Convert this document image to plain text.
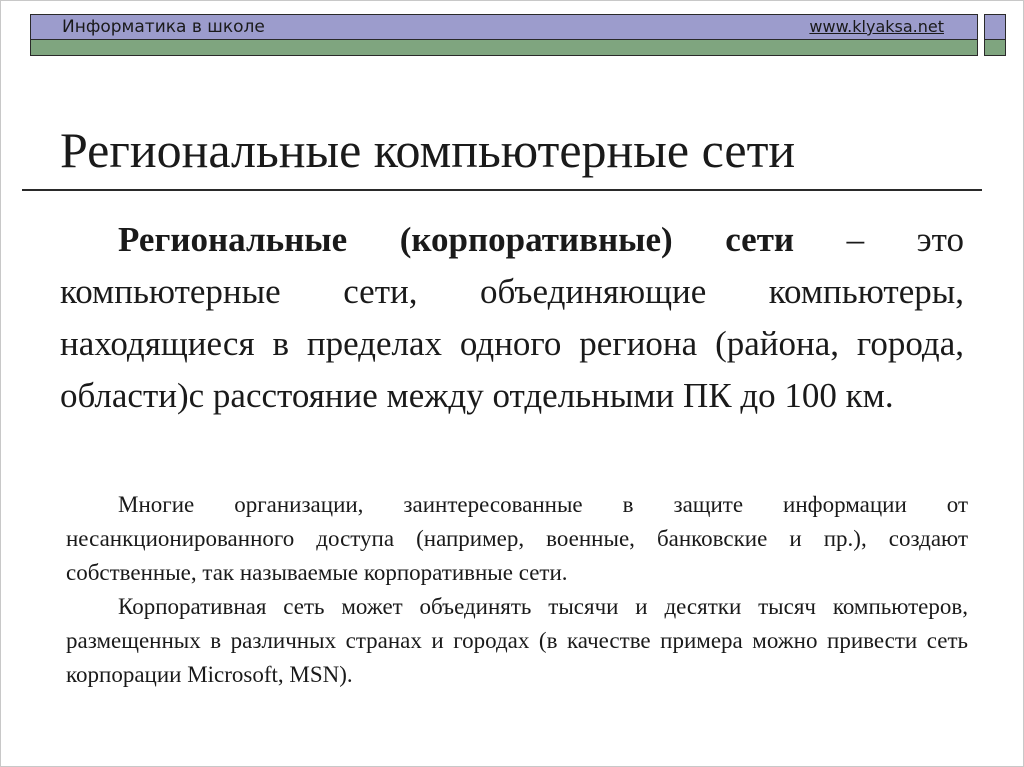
Информатика в школе	www.klyaksa.net
Региональные компьютерные сети

Региональные (корпоративные) сети – это компьютерные сети, объединяющие компьютеры, находящиеся в пределах одного региона (района, города, области)с расстояние между отдельными ПК до 100 км.

Многие организации, заинтересованные в защите информации от несанкционированного доступа (например, военные, банковские и пр.), создают собственные, так называемые корпоративные сети.

Корпоративная сеть может объединять тысячи и десятки тысяч компьютеров, размещенных в различных странах и городах (в качестве примера можно привести сеть корпорации Microsoft, MSN).
